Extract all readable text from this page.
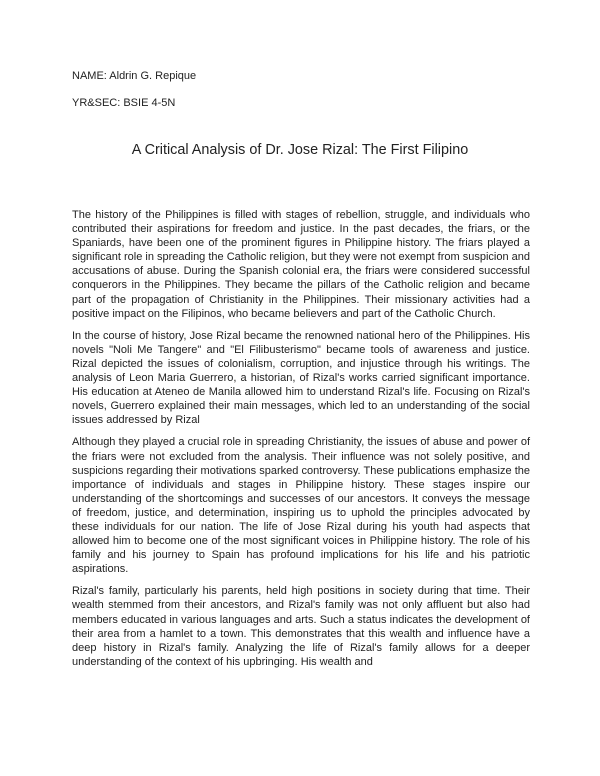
NAME: Aldrin G. Repique
YR&SEC: BSIE 4-5N
A Critical Analysis of Dr. Jose Rizal: The First Filipino

The history of the Philippines is filled with stages of rebellion, struggle, and individuals who contributed their aspirations for freedom and justice. In the past decades, the friars, or the Spaniards, have been one of the prominent figures in Philippine history. The friars played a significant role in spreading the Catholic religion, but they were not exempt from suspicion and accusations of abuse. During the Spanish colonial era, the friars were considered successful conquerors in the Philippines. They became the pillars of the Catholic religion and became part of the propagation of Christianity in the Philippines. Their missionary activities had a positive impact on the Filipinos, who became believers and part of the Catholic Church.

In the course of history, Jose Rizal became the renowned national hero of the Philippines. His novels "Noli Me Tangere" and "El Filibusterismo" became tools of awareness and justice. Rizal depicted the issues of colonialism, corruption, and injustice through his writings. The analysis of Leon Maria Guerrero, a historian, of Rizal's works carried significant importance. His education at Ateneo de Manila allowed him to understand Rizal's life. Focusing on Rizal's novels, Guerrero explained their main messages, which led to an understanding of the social issues addressed by Rizal

Although they played a crucial role in spreading Christianity, the issues of abuse and power of the friars were not excluded from the analysis. Their influence was not solely positive, and suspicions regarding their motivations sparked controversy. These publications emphasize the importance of individuals and stages in Philippine history. These stages inspire our understanding of the shortcomings and successes of our ancestors. It conveys the message of freedom, justice, and determination, inspiring us to uphold the principles advocated by these individuals for our nation. The life of Jose Rizal during his youth had aspects that allowed him to become one of the most significant voices in Philippine history. The role of his family and his journey to Spain has profound implications for his life and his patriotic aspirations.

Rizal's family, particularly his parents, held high positions in society during that time. Their wealth stemmed from their ancestors, and Rizal's family was not only affluent but also had members educated in various languages and arts. Such a status indicates the development of their area from a hamlet to a town. This demonstrates that this wealth and influence have a deep history in Rizal's family. Analyzing the life of Rizal's family allows for a deeper understanding of the context of his upbringing. His wealth and
